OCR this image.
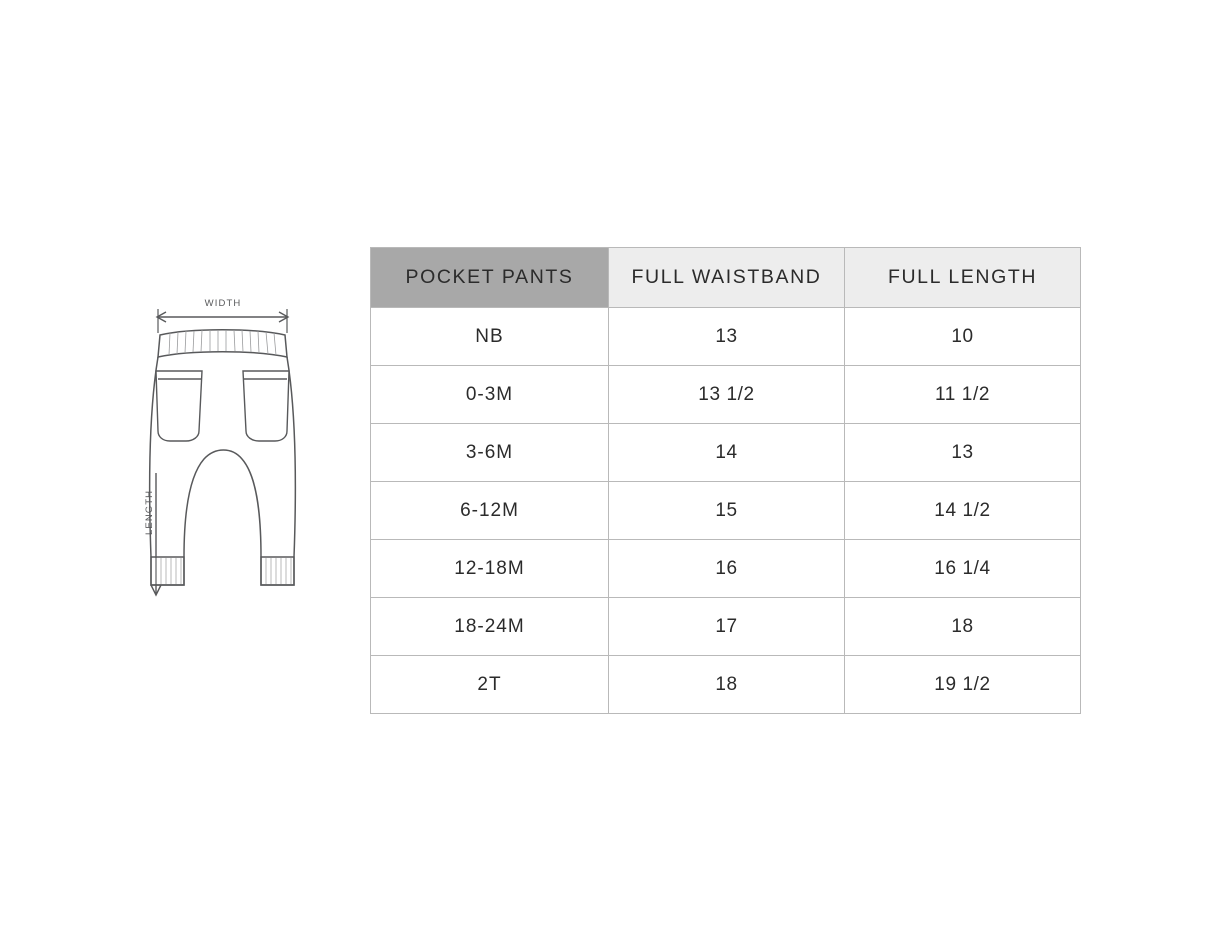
WIDTH
LENGTH
POCKET PANTS	FULL WAISTBAND	FULL LENGTH
NB	13	10
0-3M	13 1/2	11 1/2
3-6M	14	13
6-12M	15	14 1/2
12-18M	16	16 1/4
18-24M	17	18
2T	18	19 1/2
